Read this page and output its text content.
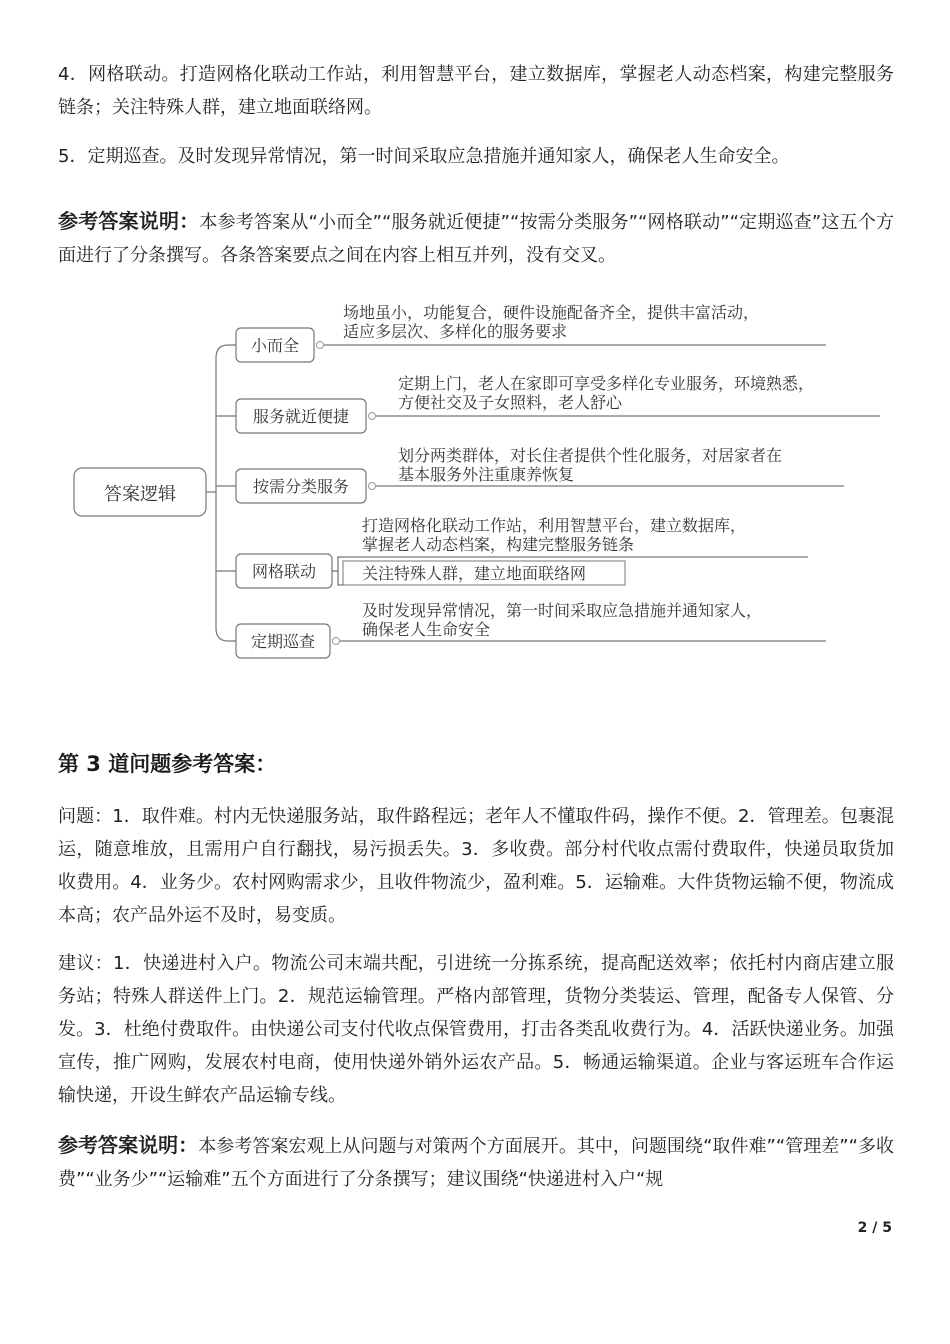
4．网格联动。打造网格化联动工作站，利用智慧平台，建立数据库，掌握老人动态档案，构建完整服务链条；关注特殊人群，建立地面联络网。

5．定期巡查。及时发现异常情况，第一时间采取应急措施并通知家人，确保老人生命安全。

参考答案说明：本参考答案从“小而全”“服务就近便捷”“按需分类服务”“网格联动”“定期巡查”这五个方面进行了分条撰写。各条答案要点之间在内容上相互并列，没有交叉。

答案逻辑
小而全
场地虽小，功能复合，硬件设施配备齐全，提供丰富活动，
适应多层次、多样化的服务要求
服务就近便捷
定期上门，老人在家即可享受多样化专业服务，环境熟悉，
方便社交及子女照料，老人舒心
按需分类服务
划分两类群体，对长住者提供个性化服务，对居家者在
基本服务外注重康养恢复
网格联动
打造网格化联动工作站，利用智慧平台，建立数据库，
掌握老人动态档案，构建完整服务链条
关注特殊人群，建立地面联络网
定期巡查
及时发现异常情况，第一时间采取应急措施并通知家人，
确保老人生命安全
第 3 道问题参考答案：

问题：1．取件难。村内无快递服务站，取件路程远；老年人不懂取件码，操作不便。2．管理差。包裹混运，随意堆放，且需用户自行翻找，易污损丢失。3．多收费。部分村代收点需付费取件，快递员取货加收费用。4．业务少。农村网购需求少，且收件物流少，盈利难。5．运输难。大件货物运输不便，物流成本高；农产品外运不及时，易变质。

建议：1．快递进村入户。物流公司末端共配，引进统一分拣系统，提高配送效率；依托村内商店建立服务站；特殊人群送件上门。2．规范运输管理。严格内部管理，货物分类装运、管理，配备专人保管、分发。3．杜绝付费取件。由快递公司支付代收点保管费用，打击各类乱收费行为。4．活跃快递业务。加强宣传，推广网购，发展农村电商，使用快递外销外运农产品。5．畅通运输渠道。企业与客运班车合作运输快递，开设生鲜农产品运输专线。

参考答案说明：本参考答案宏观上从问题与对策两个方面展开。其中，问题围绕“取件难”“管理差”“多收费”“业务少”“运输难”五个方面进行了分条撰写；建议围绕“快递进村入户“规

2 / 5
